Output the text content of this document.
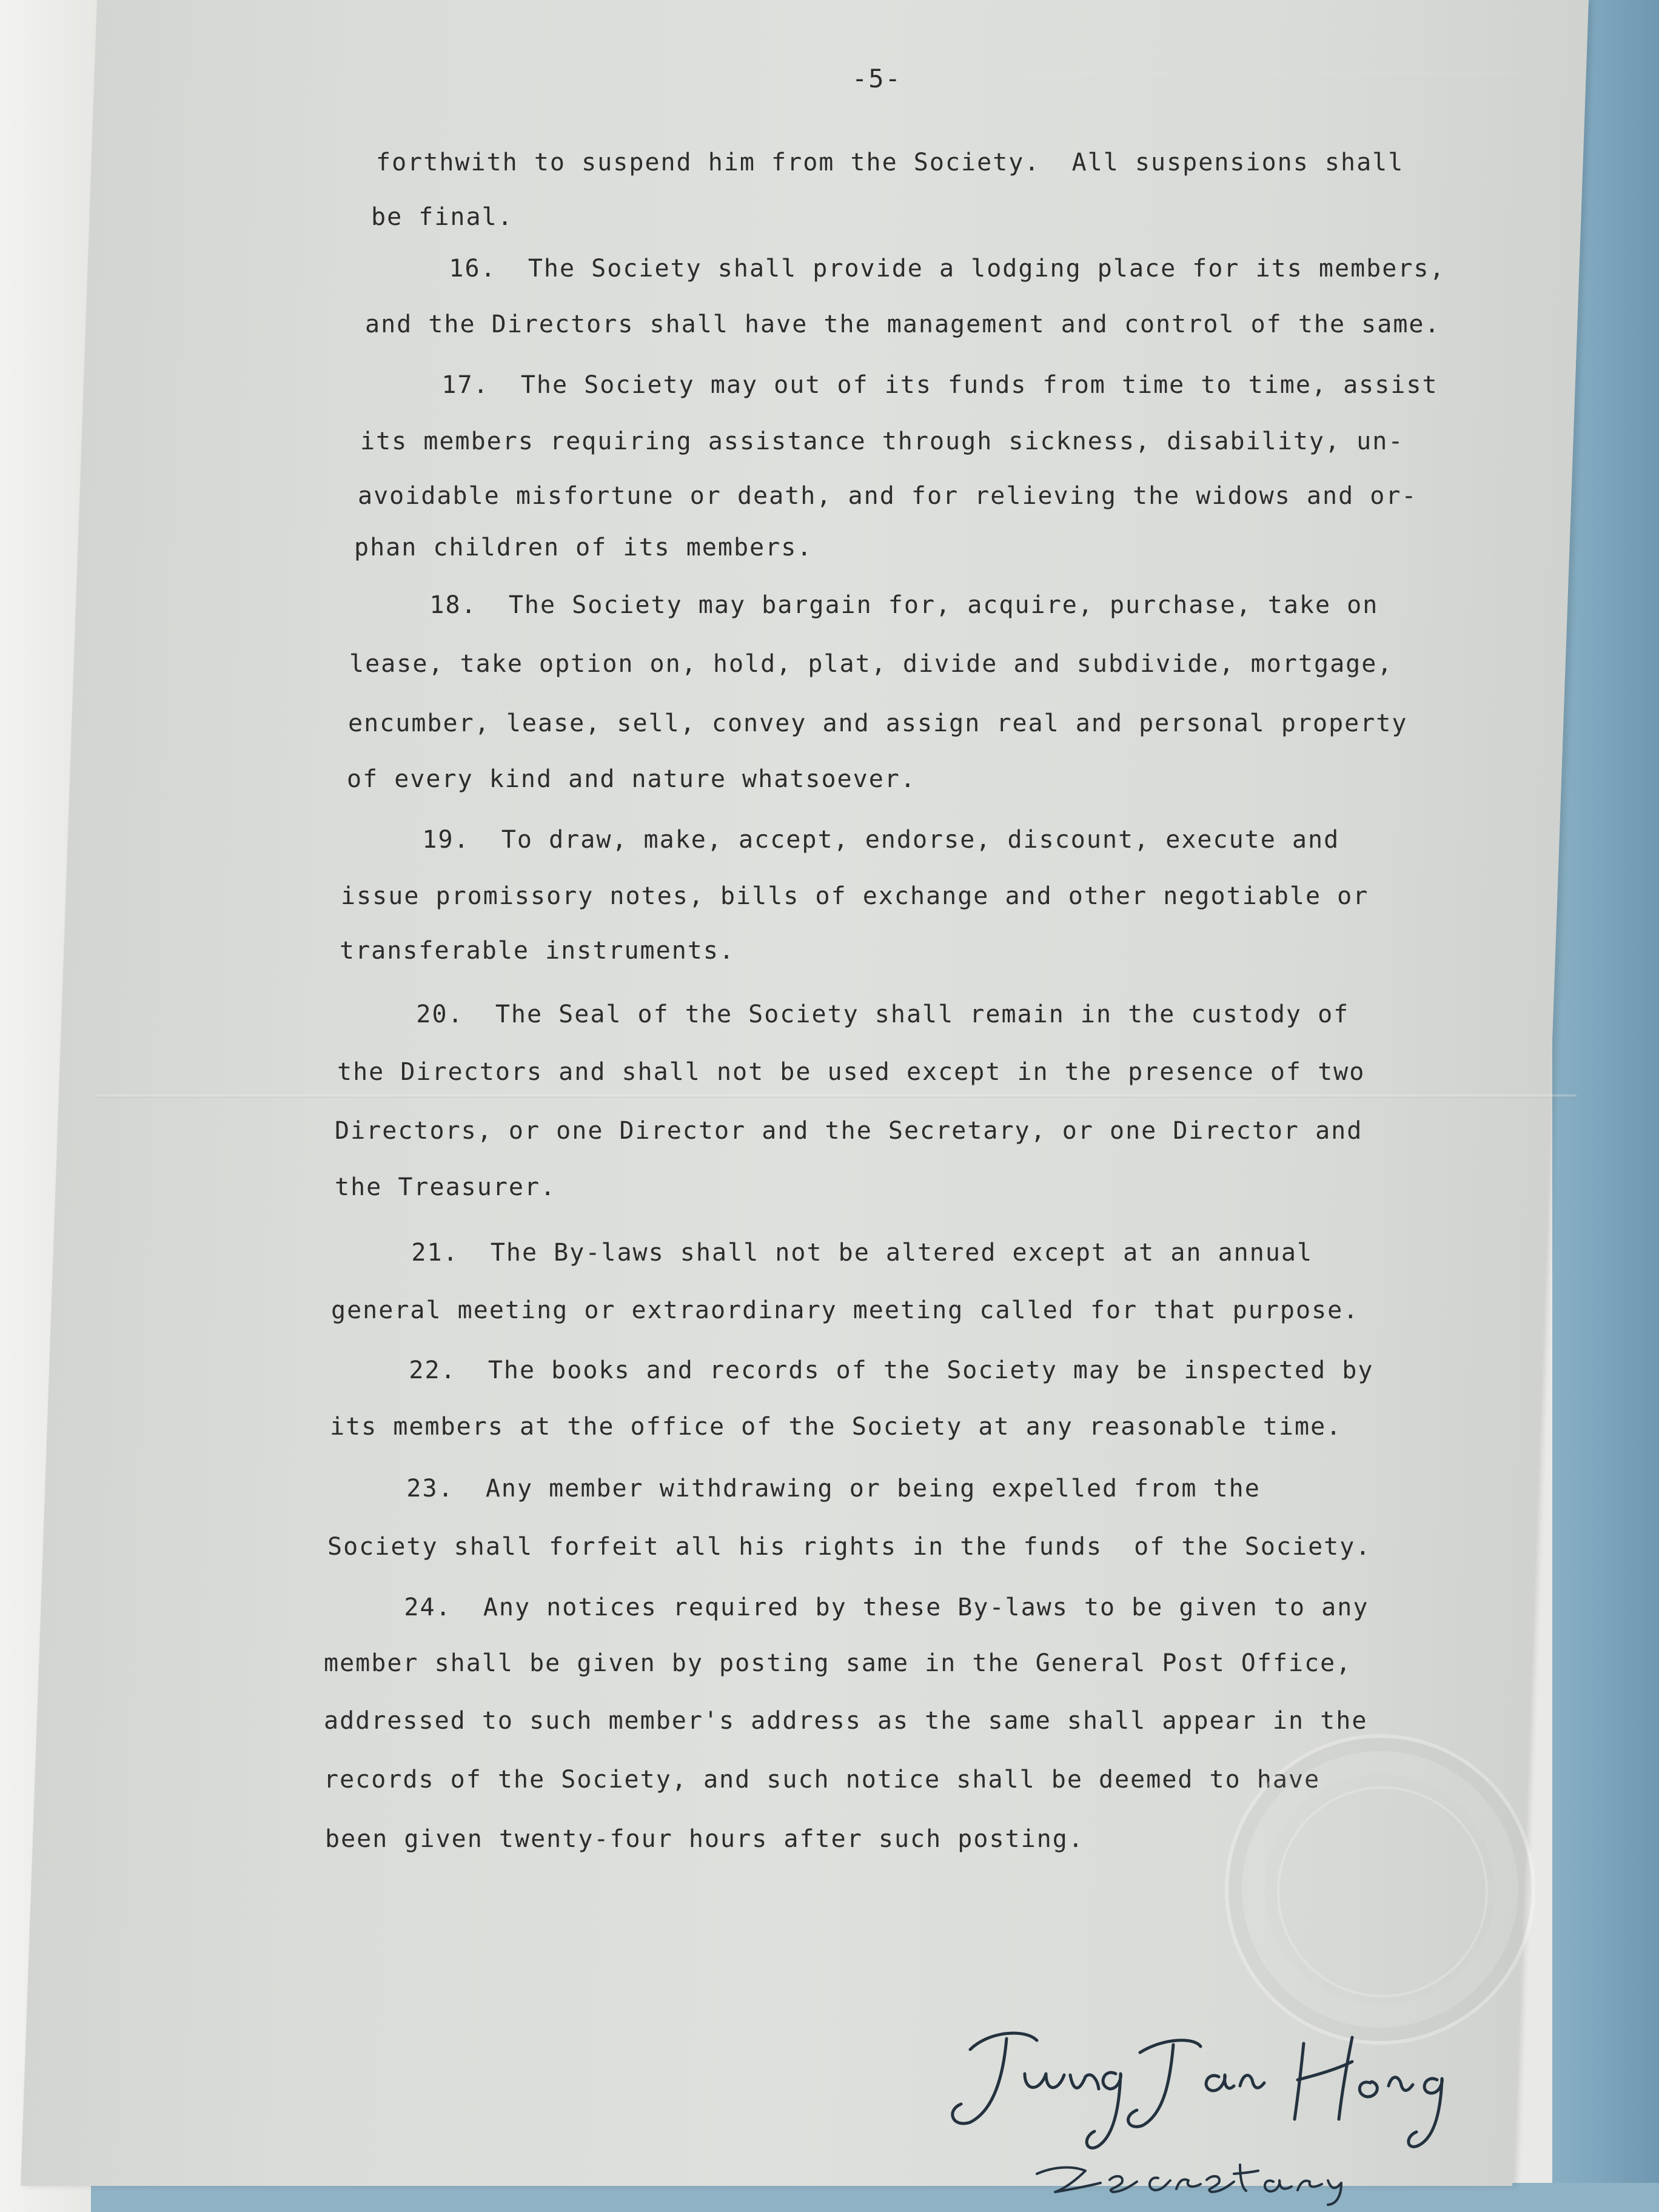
-5-

forthwith to suspend him from the Society.  All suspensions shall

be final.

16.  The Society shall provide a lodging place for its members,

and the Directors shall have the management and control of the same.

17.  The Society may out of its funds from time to time, assist

its members requiring assistance through sickness, disability, un-

avoidable misfortune or death, and for relieving the widows and or-

phan children of its members.

18.  The Society may bargain for, acquire, purchase, take on

lease, take option on, hold, plat, divide and subdivide, mortgage,

encumber, lease, sell, convey and assign real and personal property

of every kind and nature whatsoever.

19.  To draw, make, accept, endorse, discount, execute and

issue promissory notes, bills of exchange and other negotiable or

transferable instruments.

20.  The Seal of the Society shall remain in the custody of

the Directors and shall not be used except in the presence of two

Directors, or one Director and the Secretary, or one Director and

the Treasurer.

21.  The By-laws shall not be altered except at an annual

general meeting or extraordinary meeting called for that purpose.

22.  The books and records of the Society may be inspected by

its members at the office of the Society at any reasonable time.

23.  Any member withdrawing or being expelled from the

Society shall forfeit all his rights in the funds  of the Society.

24.  Any notices required by these By-laws to be given to any

member shall be given by posting same in the General Post Office,

addressed to such member's address as the same shall appear in the

records of the Society, and such notice shall be deemed to have

been given twenty-four hours after such posting.
